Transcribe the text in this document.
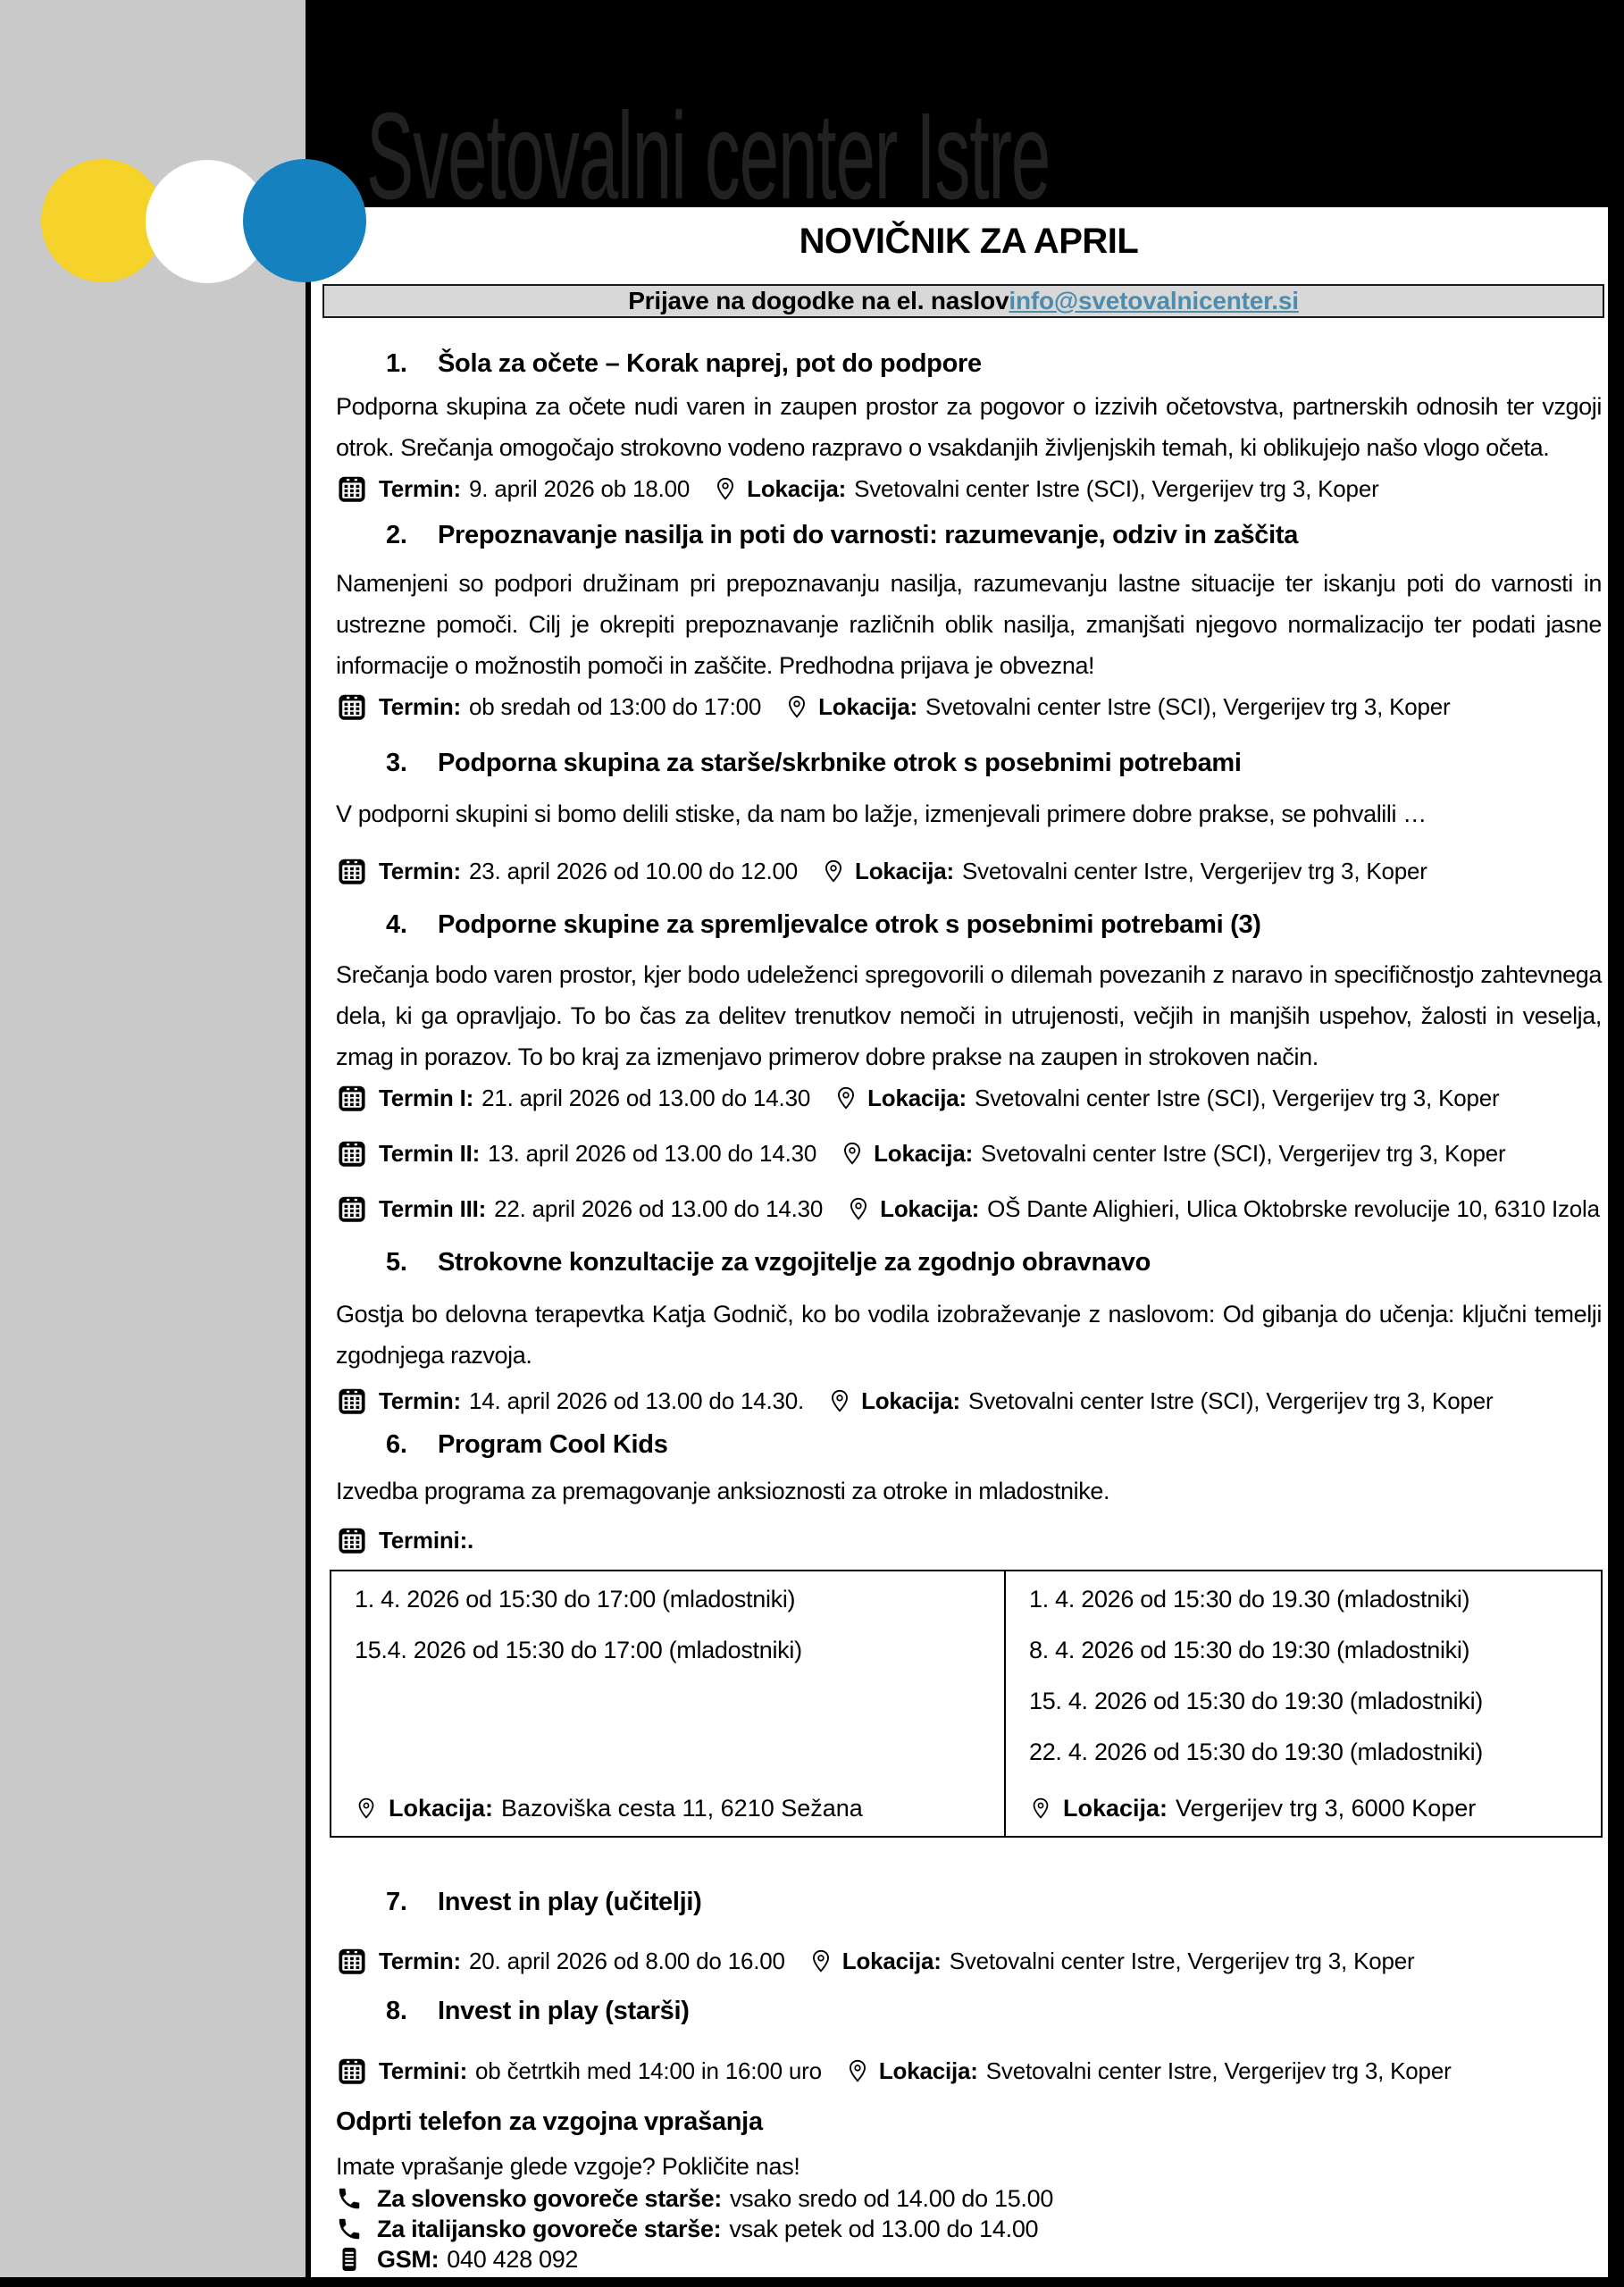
Svetovalni center Istre
NOVIČNIK ZA APRIL
Prijave na dogodke na el. naslov info@svetovalnicenter.si
1.	Šola za očete – Korak naprej, pot do podpore

Podporna skupina za očete nudi varen in zaupen prostor za pogovor o izzivih očetovstva, partnerskih odnosih ter vzgoji otrok. Srečanja omogočajo strokovno vodeno razpravo o vsakdanjih življenjskih temah, ki oblikujejo našo vlogo očeta.

Termin: 9. april 2026 ob 18.00 Lokacija: Svetovalni center Istre (SCI), Vergerijev trg 3, Koper
2.	Prepoznavanje nasilja in poti do varnosti: razumevanje, odziv in zaščita

Namenjeni so podpori družinam pri prepoznavanju nasilja, razumevanju lastne situacije ter iskanju poti do varnosti in ustrezne pomoči. Cilj je okrepiti prepoznavanje različnih oblik nasilja, zmanjšati njegovo normalizacijo ter podati jasne informacije o možnostih pomoči in zaščite. Predhodna prijava je obvezna!

Termin: ob sredah od 13:00 do 17:00 Lokacija: Svetovalni center Istre (SCI), Vergerijev trg 3, Koper
3.	Podporna skupina za starše/skrbnike otrok s posebnimi potrebami

V podporni skupini si bomo delili stiske, da nam bo lažje, izmenjevali primere dobre prakse, se pohvalili …

Termin: 23. april 2026 od 10.00 do 12.00 Lokacija: Svetovalni center Istre, Vergerijev trg 3, Koper
4.	Podporne skupine za spremljevalce otrok s posebnimi potrebami (3)

Srečanja bodo varen prostor, kjer bodo udeleženci spregovorili o dilemah povezanih z naravo in specifičnostjo zahtevnega dela, ki ga opravljajo. To bo čas za delitev trenutkov nemoči in utrujenosti, večjih in manjših uspehov, žalosti in veselja, zmag in porazov. To bo kraj za izmenjavo primerov dobre prakse na zaupen in strokoven način.

Termin I: 21. april 2026 od 13.00 do 14.30 Lokacija: Svetovalni center Istre (SCI), Vergerijev trg 3, Koper
Termin II: 13. april 2026 od 13.00 do 14.30 Lokacija: Svetovalni center Istre (SCI), Vergerijev trg 3, Koper
Termin III: 22. april 2026 od 13.00 do 14.30 Lokacija: OŠ Dante Alighieri, Ulica Oktobrske revolucije 10, 6310 Izola
5.	Strokovne konzultacije za vzgojitelje za zgodnjo obravnavo

Gostja bo delovna terapevtka Katja Godnič, ko bo vodila izobraževanje z naslovom: Od gibanja do učenja: ključni temelji zgodnjega razvoja.

Termin: 14. april 2026 od 13.00 do 14.30. Lokacija: Svetovalni center Istre (SCI), Vergerijev trg 3, Koper
6.	Program Cool Kids

Izvedba programa za premagovanje anksioznosti za otroke in mladostnike.

Termini:.
1. 4. 2026 od 15:30 do 17:00 (mladostniki)
15.4. 2026 od 15:30 do 17:00 (mladostniki)
Lokacija: Bazoviška cesta 11, 6210 Sežana
1. 4. 2026 od 15:30 do 19.30 (mladostniki)
8. 4. 2026 od 15:30 do 19:30 (mladostniki)
15. 4. 2026 od 15:30 do 19:30 (mladostniki)
22. 4. 2026 od 15:30 do 19:30 (mladostniki)
Lokacija: Vergerijev trg 3, 6000 Koper
7.	Invest in play (učitelji)
Termin: 20. april 2026 od 8.00 do 16.00 Lokacija: Svetovalni center Istre, Vergerijev trg 3, Koper
8.	Invest in play (starši)
Termini: ob četrtkih med 14:00 in 16:00 uro Lokacija: Svetovalni center Istre, Vergerijev trg 3, Koper
Odprti telefon za vzgojna vprašanja
Imate vprašanje glede vzgoje? Pokličite nas!
Za slovensko govoreče starše: vsako sredo od 14.00 do 15.00
Za italijansko govoreče starše: vsak petek od 13.00 do 14.00
GSM: 040 428 092
